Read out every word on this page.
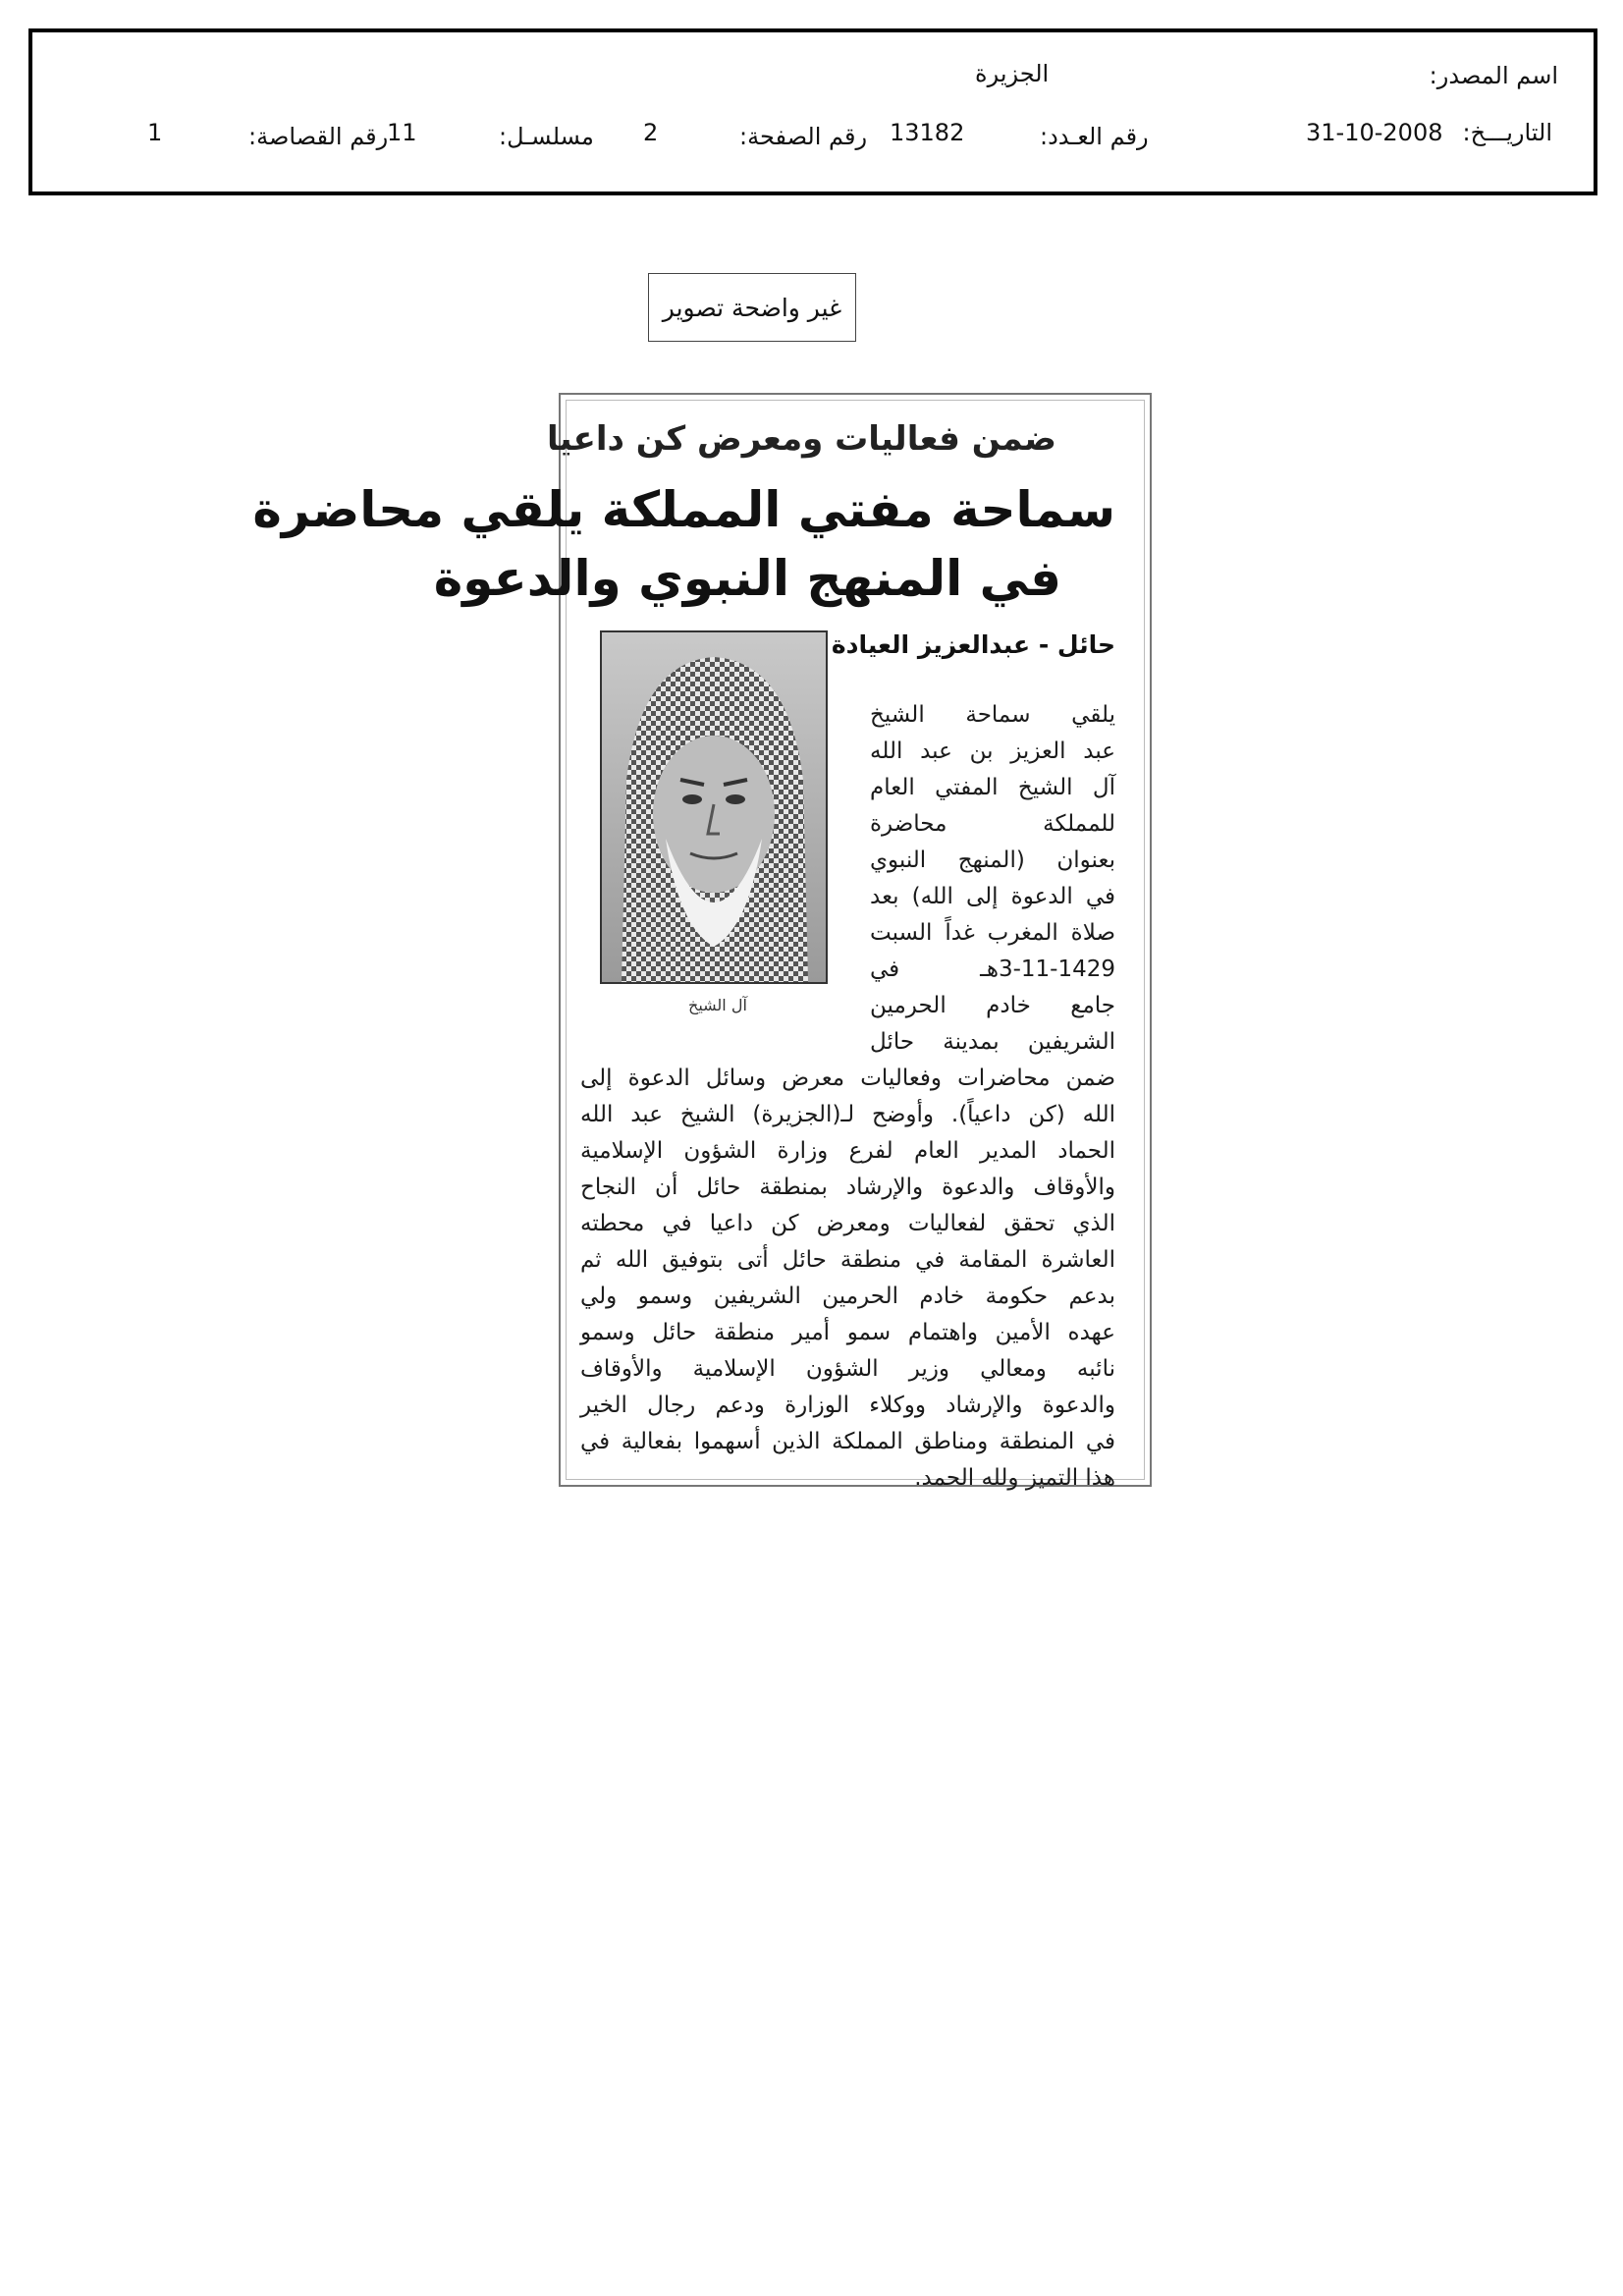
اسم المصدر:
الجزيرة
التاريـــخ:
31-10-2008
رقم العـدد:
13182
رقم الصفحة:
2
مسلسـل:
11
رقم القصاصة:
1
غير واضحة تصوير
ضمن فعاليات ومعرض كن داعيا
سماحة مفتي المملكة يلقي محاضرة
في المنهج النبوي والدعوة
حائل - عبدالعزيز العيادة
آل الشيخ
يلقي سماحة الشيخ
عبد العزيز بن عبد الله
آل الشيخ المفتي العام
للمملكة محاضرة
بعنوان (المنهج النبوي
في الدعوة إلى الله) بعد
صلاة المغرب غداً السبت
3-11-1429هـ في
جامع خادم الحرمين
الشريفين بمدينة حائل
ضمن محاضرات وفعاليات معرض وسائل الدعوة إلى
الله (كن داعياً). وأوضح لـ(الجزيرة) الشيخ عبد الله
الحماد المدير العام لفرع وزارة الشؤون الإسلامية
والأوقاف والدعوة والإرشاد بمنطقة حائل أن النجاح
الذي تحقق لفعاليات ومعرض كن داعيا في محطته
العاشرة المقامة في منطقة حائل أتى بتوفيق الله ثم
بدعم حكومة خادم الحرمين الشريفين وسمو ولي
عهده الأمين واهتمام سمو أمير منطقة حائل وسمو
نائبه ومعالي وزير الشؤون الإسلامية والأوقاف
والدعوة والإرشاد ووكلاء الوزارة ودعم رجال الخير
في المنطقة ومناطق المملكة الذين أسهموا بفعالية في
هذا التميز ولله الحمد.
